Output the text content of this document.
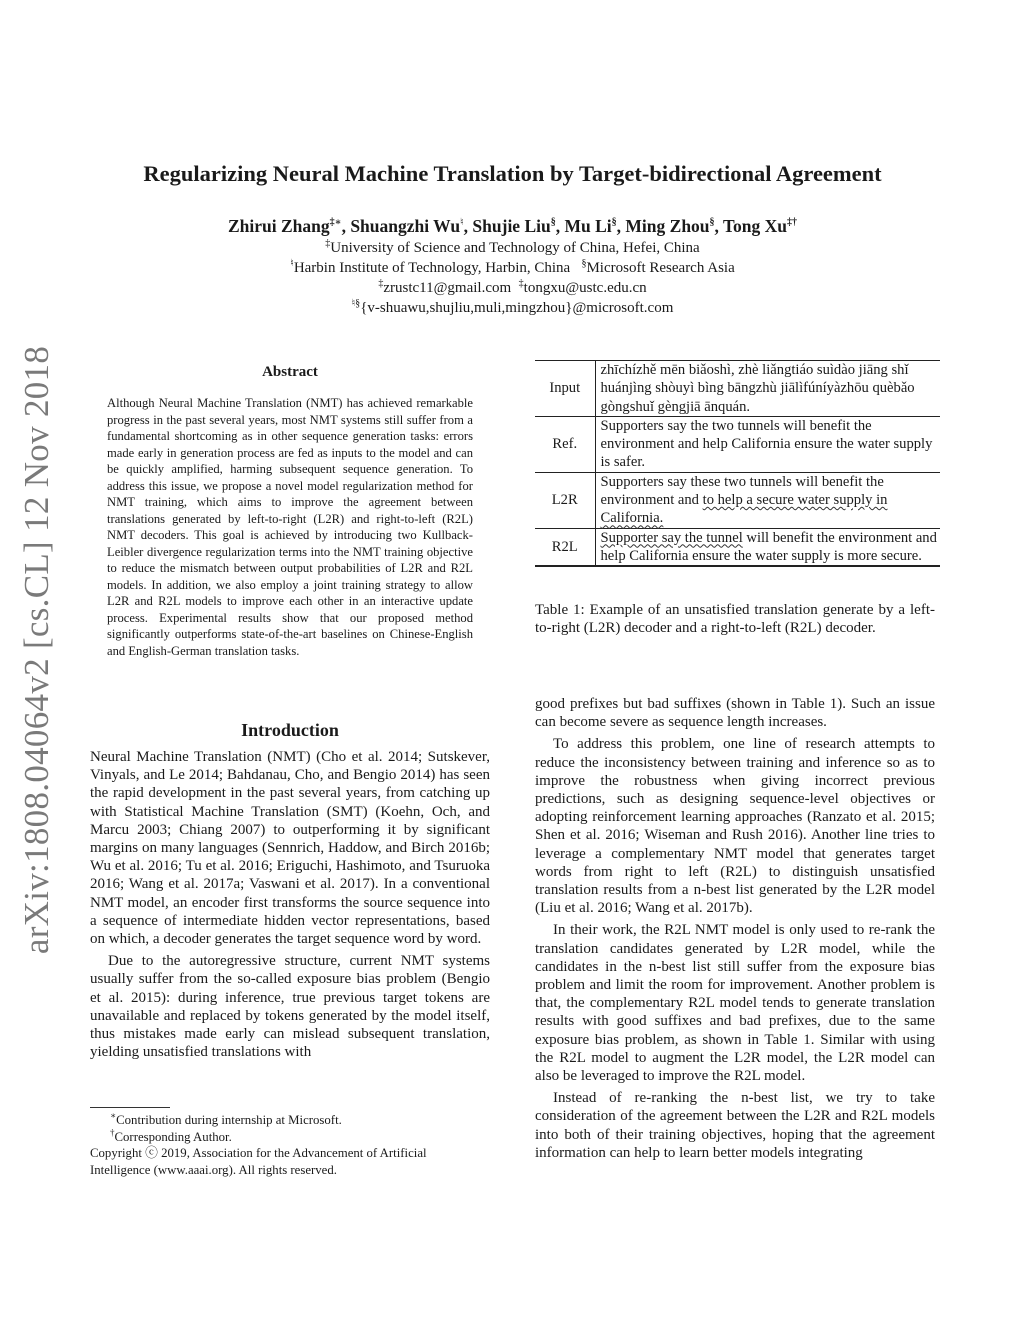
arXiv:1808.04064v2 [cs.CL] 12 Nov 2018
Regularizing Neural Machine Translation by Target-bidirectional Agreement
Zhirui Zhang‡∗, Shuangzhi Wu♮, Shujie Liu§, Mu Li§, Ming Zhou§, Tong Xu‡†
‡University of Science and Technology of China, Hefei, China
♮Harbin Institute of Technology, Harbin, China §Microsoft Research Asia
‡zrustc11@gmail.com ‡tongxu@ustc.edu.cn
♮§{v-shuawu,shujliu,muli,mingzhou}@microsoft.com
Abstract
Although Neural Machine Translation (NMT) has achieved remarkable progress in the past several years, most NMT systems still suffer from a fundamental shortcoming as in other sequence generation tasks: errors made early in generation process are fed as inputs to the model and can be quickly amplified, harming subsequent sequence generation. To address this issue, we propose a novel model regularization method for NMT training, which aims to improve the agreement between translations generated by left-to-right (L2R) and right-to-left (R2L) NMT decoders. This goal is achieved by introducing two Kullback-Leibler divergence regularization terms into the NMT training objective to reduce the mismatch between output probabilities of L2R and R2L models. In addition, we also employ a joint training strategy to allow L2R and R2L models to improve each other in an interactive update process. Experimental results show that our proposed method significantly outperforms state-of-the-art baselines on Chinese-English and English-German translation tasks.
Introduction

Neural Machine Translation (NMT) (Cho et al. 2014; Sutskever, Vinyals, and Le 2014; Bahdanau, Cho, and Bengio 2014) has seen the rapid development in the past several years, from catching up with Statistical Machine Translation (SMT) (Koehn, Och, and Marcu 2003; Chiang 2007) to outperforming it by significant margins on many languages (Sennrich, Haddow, and Birch 2016b; Wu et al. 2016; Tu et al. 2016; Eriguchi, Hashimoto, and Tsuruoka 2016; Wang et al. 2017a; Vaswani et al. 2017). In a conventional NMT model, an encoder first transforms the source sequence into a sequence of intermediate hidden vector representations, based on which, a decoder generates the target sequence word by word.

Due to the autoregressive structure, current NMT systems usually suffer from the so-called exposure bias problem (Bengio et al. 2015): during inference, true previous target tokens are unavailable and replaced by tokens generated by the model itself, thus mistakes made early can mislead subsequent translation, yielding unsatisfied translations with

∗Contribution during internship at Microsoft.
†Corresponding Author.
Copyright ⓒ 2019, Association for the Advancement of Artificial Intelligence (www.aaai.org). All rights reserved.
Input	zhīchízhě mēn biǎoshì, zhè liǎngtiáo suìdào jiāng shǐ huánjìng shòuyì bìng bāngzhù jiālìfúníyàzhōu quèbǎo gòngshuǐ gèngjiā ānquán.
Ref.	Supporters say the two tunnels will benefit the environment and help California ensure the water supply is safer.
L2R	Supporters say these two tunnels will benefit the environment and to help a secure water supply in California.
R2L	Supporter say the tunnel will benefit the environment and help California ensure the water supply is more secure.
Table 1: Example of an unsatisfied translation generate by a left-to-right (L2R) decoder and a right-to-left (R2L) decoder.

good prefixes but bad suffixes (shown in Table 1). Such an issue can become severe as sequence length increases.

To address this problem, one line of research attempts to reduce the inconsistency between training and inference so as to improve the robustness when giving incorrect previous predictions, such as designing sequence-level objectives or adopting reinforcement learning approaches (Ranzato et al. 2015; Shen et al. 2016; Wiseman and Rush 2016). Another line tries to leverage a complementary NMT model that generates target words from right to left (R2L) to distinguish unsatisfied translation results from a n-best list generated by the L2R model (Liu et al. 2016; Wang et al. 2017b).

In their work, the R2L NMT model is only used to re-rank the translation candidates generated by L2R model, while the candidates in the n-best list still suffer from the exposure bias problem and limit the room for improvement. Another problem is that, the complementary R2L model tends to generate translation results with good suffixes and bad prefixes, due to the same exposure bias problem, as shown in Table 1. Similar with using the R2L model to augment the L2R model, the L2R model can also be leveraged to improve the R2L model.

Instead of re-ranking the n-best list, we try to take consideration of the agreement between the L2R and R2L models into both of their training objectives, hoping that the agreement information can help to learn better models integrating
